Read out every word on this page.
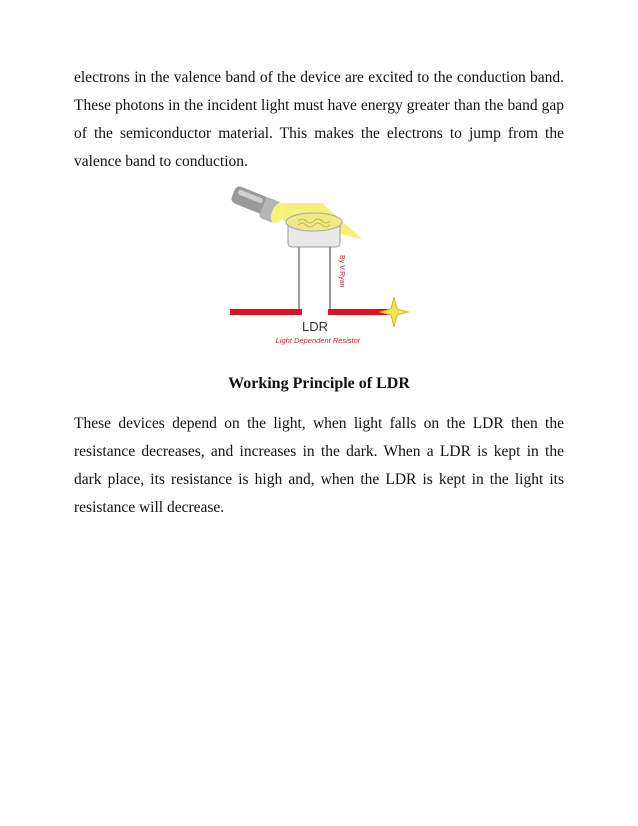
electrons in the valence band of the device are excited to the conduction band. These photons in the incident light must have energy greater than the band gap of the semiconductor material. This makes the electrons to jump from the valence band to conduction.

By V.Ryan
LDR
Light Dependent Resistor

Working Principle of LDR

These devices depend on the light, when light falls on the LDR then the resistance decreases, and increases in the dark. When a LDR is kept in the dark place, its resistance is high and, when the LDR is kept in the light its resistance will decrease.
